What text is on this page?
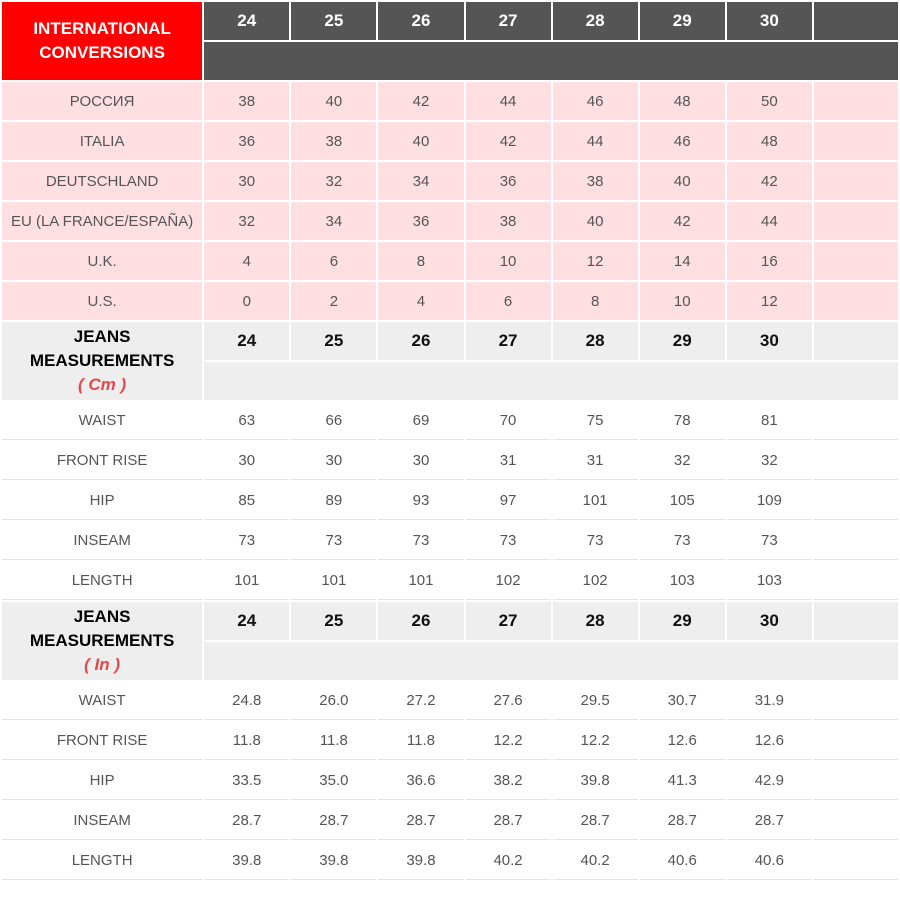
INTERNATIONAL
CONVERSIONS	24	25	26	27	28	29	30	

РОССИЯ	38	40	42	44	46	48	50	
ITALIA	36	38	40	42	44	46	48	
DEUTSCHLAND	30	32	34	36	38	40	42	
EU (LA FRANCE/ESPAÑA)	32	34	36	38	40	42	44	
U.K.	4	6	8	10	12	14	16	
U.S.	0	2	4	6	8	10	12	
JEANS
MEASUREMENTS
( Cm )	24	25	26	27	28	29	30	

WAIST	63	66	69	70	75	78	81	
FRONT RISE	30	30	30	31	31	32	32	
HIP	85	89	93	97	101	105	109	
INSEAM	73	73	73	73	73	73	73	
LENGTH	101	101	101	102	102	103	103	
JEANS
MEASUREMENTS
( In )	24	25	26	27	28	29	30	

WAIST	24.8	26.0	27.2	27.6	29.5	30.7	31.9	
FRONT RISE	11.8	11.8	11.8	12.2	12.2	12.6	12.6	
HIP	33.5	35.0	36.6	38.2	39.8	41.3	42.9	
INSEAM	28.7	28.7	28.7	28.7	28.7	28.7	28.7	
LENGTH	39.8	39.8	39.8	40.2	40.2	40.6	40.6	
